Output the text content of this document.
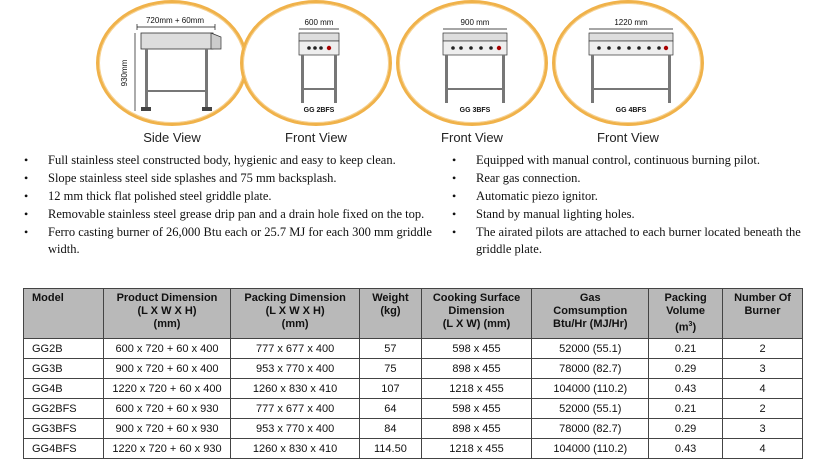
720mm + 60mm
930mm
Side View
600 mm
GG 2BFS
Front View
900 mm
GG 3BFS
Front View
1220 mm
GG 4BFS
Front View
• Full stainless steel constructed body, hygienic and easy to keep clean.
• Slope stainless steel side splashes and 75 mm backsplash.
• 12 mm thick flat polished steel griddle plate.
• Removable stainless steel grease drip pan and a drain hole fixed on the top.
• Ferro casting burner of 26,000 Btu each or 25.7 MJ for each 300 mm griddle width.
• Equipped with manual control, continuous burning pilot.
• Rear gas connection.
• Automatic piezo ignitor.
• Stand by manual lighting holes.
• The airated pilots are attached to each burner located beneath the griddle plate.
Model	Product Dimension
(L X W X H)
(mm)	Packing Dimension
(L X W X H)
(mm)	Weight
(kg)	Cooking Surface
Dimension
(L X W) (mm)	Gas
Comsumption
Btu/Hr (MJ/Hr)	Packing
Volume
$(m^3)$	Number Of
Burner
GG2B	600 x 720 + 60 x 400	777 x 677 x 400	57	598 x 455	52000 (55.1)	0.21	2
GG3B	900 x 720 + 60 x 400	953 x 770 x 400	75	898 x 455	78000 (82.7)	0.29	3
GG4B	1220 x 720 + 60 x 400	1260 x 830 x 410	107	1218 x 455	104000 (110.2)	0.43	4
GG2BFS	600 x 720 + 60 x 930	777 x 677 x 400	64	598 x 455	52000 (55.1)	0.21	2
GG3BFS	900 x 720 + 60 x 930	953 x 770 x 400	84	898 x 455	78000 (82.7)	0.29	3
GG4BFS	1220 x 720 + 60 x 930	1260 x 830 x 410	114.50	1218 x 455	104000 (110.2)	0.43	4
